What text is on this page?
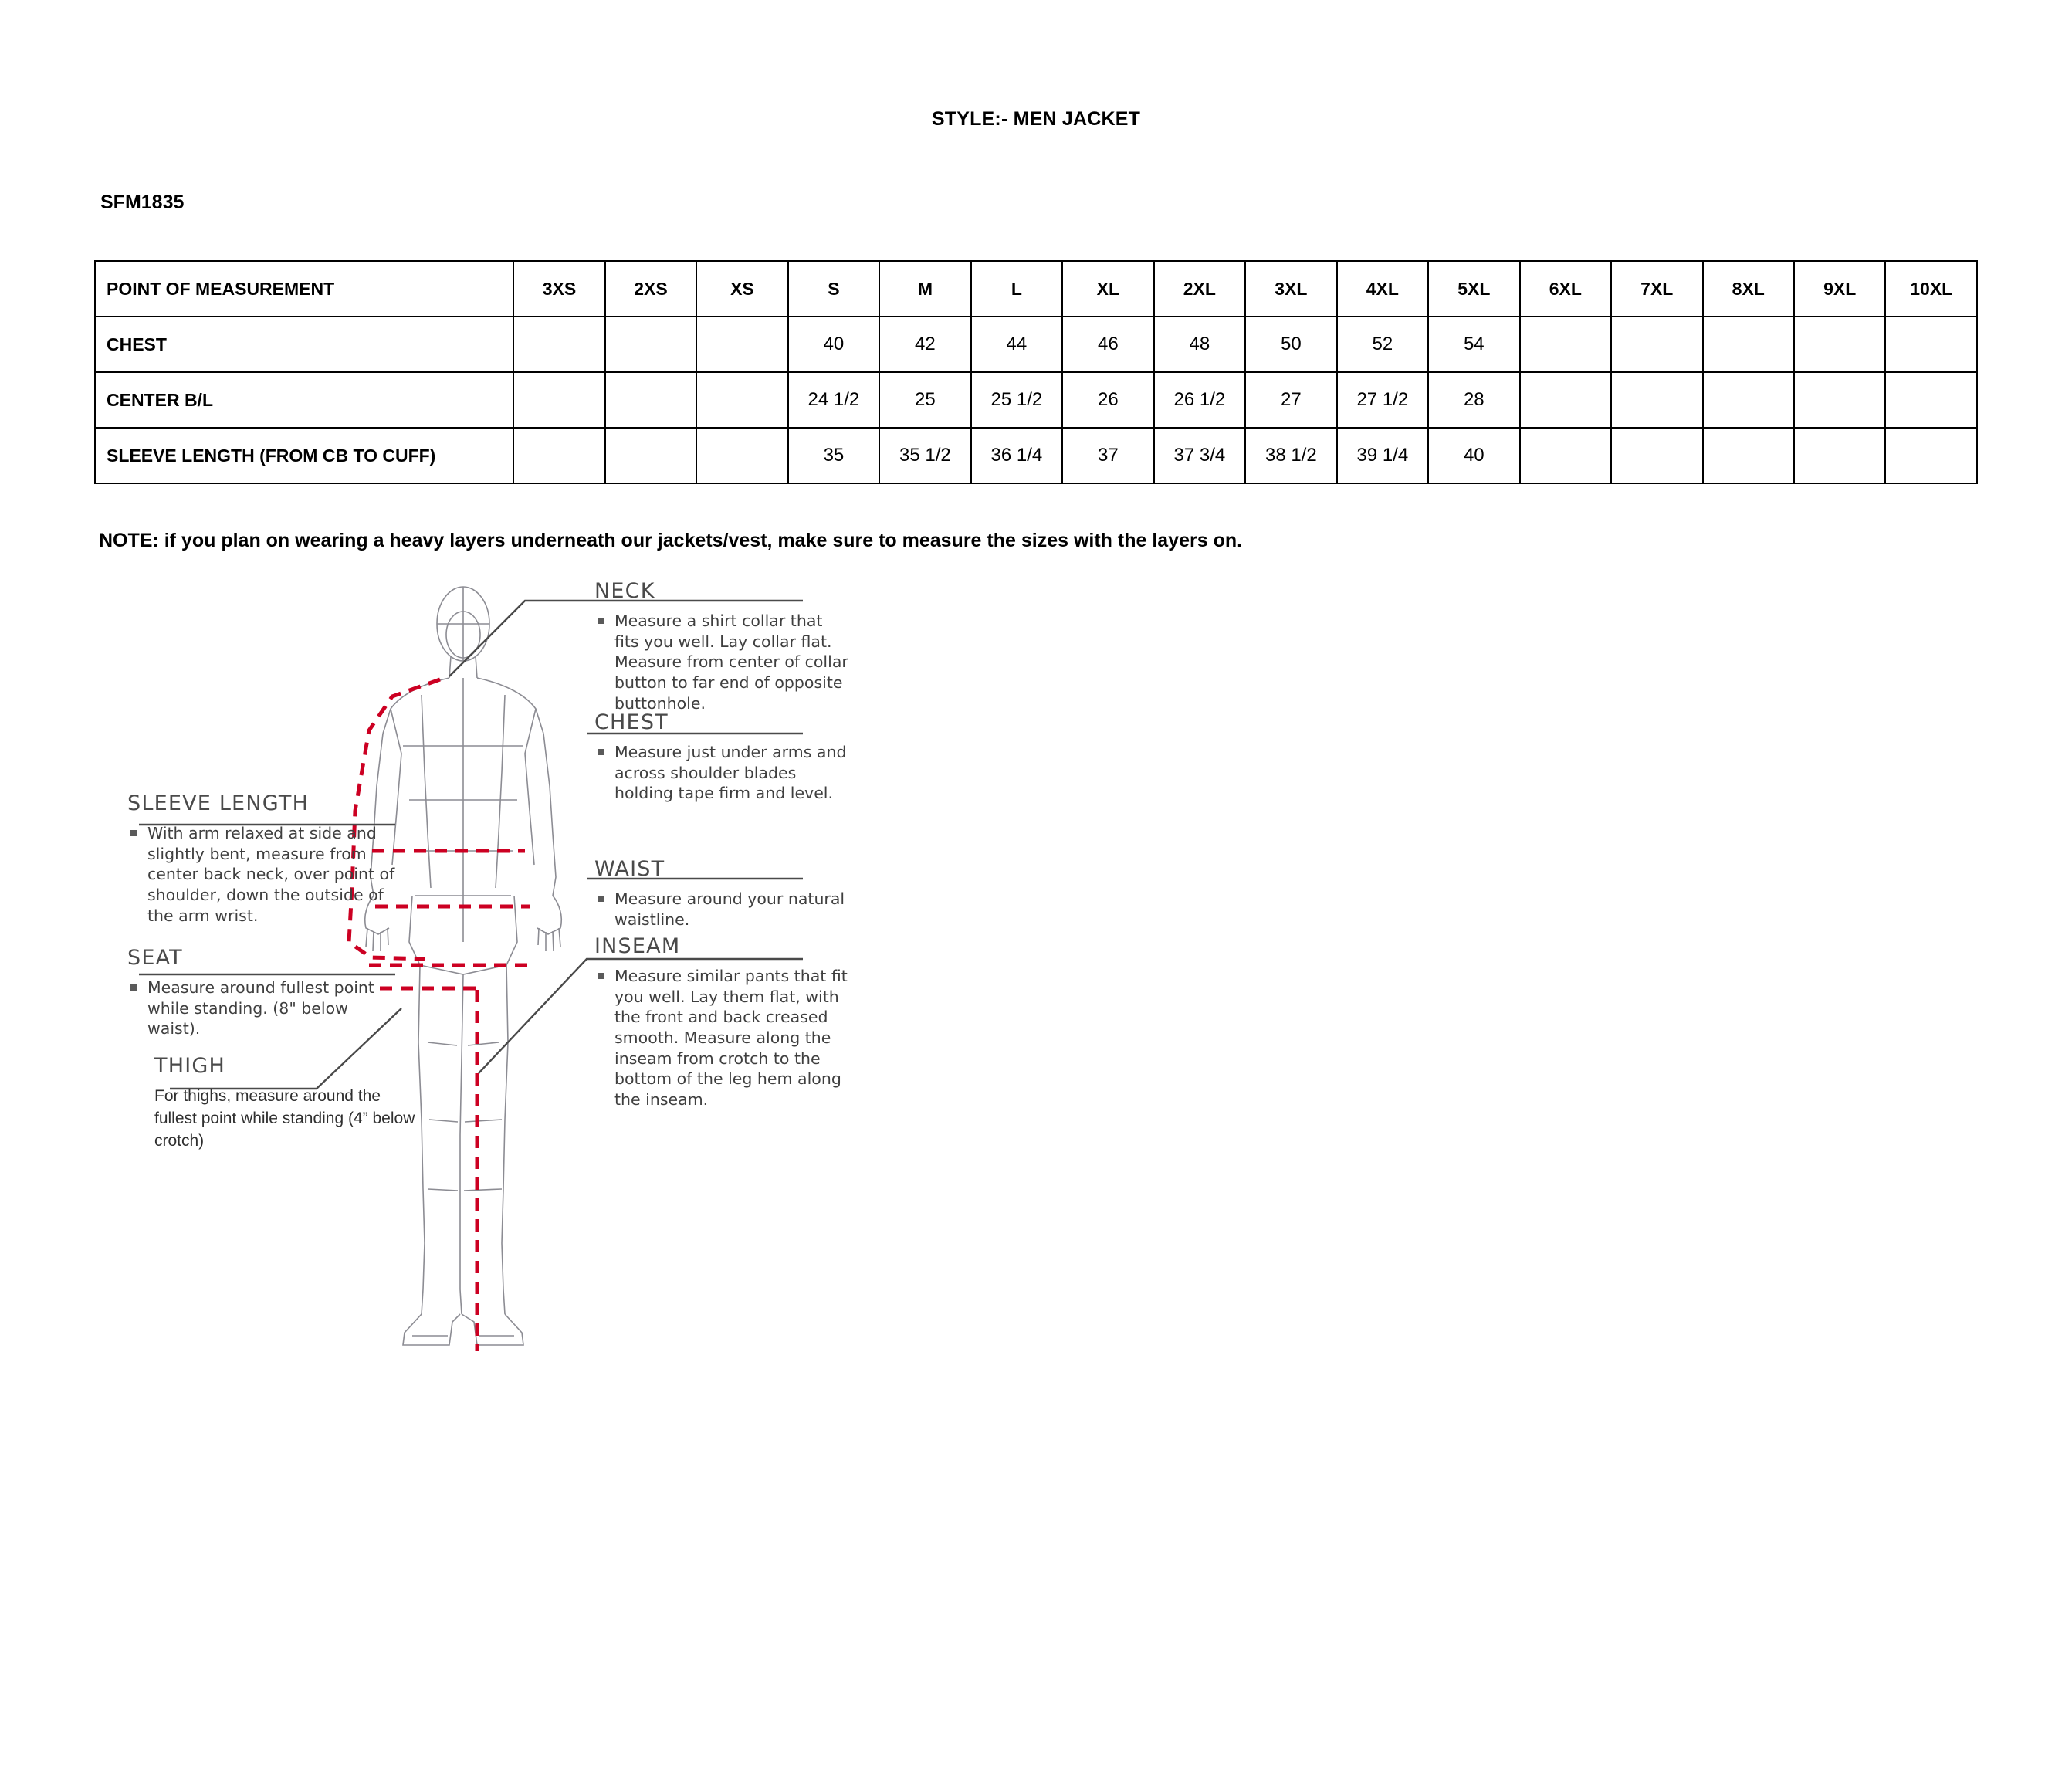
STYLE:- MEN JACKET
SFM1835
POINT OF MEASUREMENT	3XS	2XS	XS	S	M	L	XL	2XL	3XL	4XL	5XL	6XL	7XL	8XL	9XL	10XL
CHEST				40	42	44	46	48	50	52	54					
CENTER B/L				24 1/2	25	25 1/2	26	26 1/2	27	27 1/2	28					
SLEEVE LENGTH (FROM CB TO CUFF)				35	35 1/2	36 1/4	37	37 3/4	38 1/2	39 1/4	40					
NOTE: if you plan on wearing a heavy layers underneath our jackets/vest, make sure to measure the sizes with the layers on.
SLEEVE LENGTH
With arm relaxed at side and slightly bent, measure from center back neck, over point of shoulder, down the outside of the arm wrist.
SEAT
Measure around fullest point while standing. (8" below waist).
THIGH
For thighs, measure around the fullest point while standing (4” below crotch)
NECK
Measure a shirt collar that fits you well. Lay collar flat. Measure from center of collar button to far end of opposite buttonhole.
CHEST
Measure just under arms and across shoulder blades holding tape firm and level.
WAIST
Measure around your natural waistline.
INSEAM
Measure similar pants that fit you well. Lay them flat, with the front and back creased smooth. Measure along the inseam from crotch to the bottom of the leg hem along the inseam.
